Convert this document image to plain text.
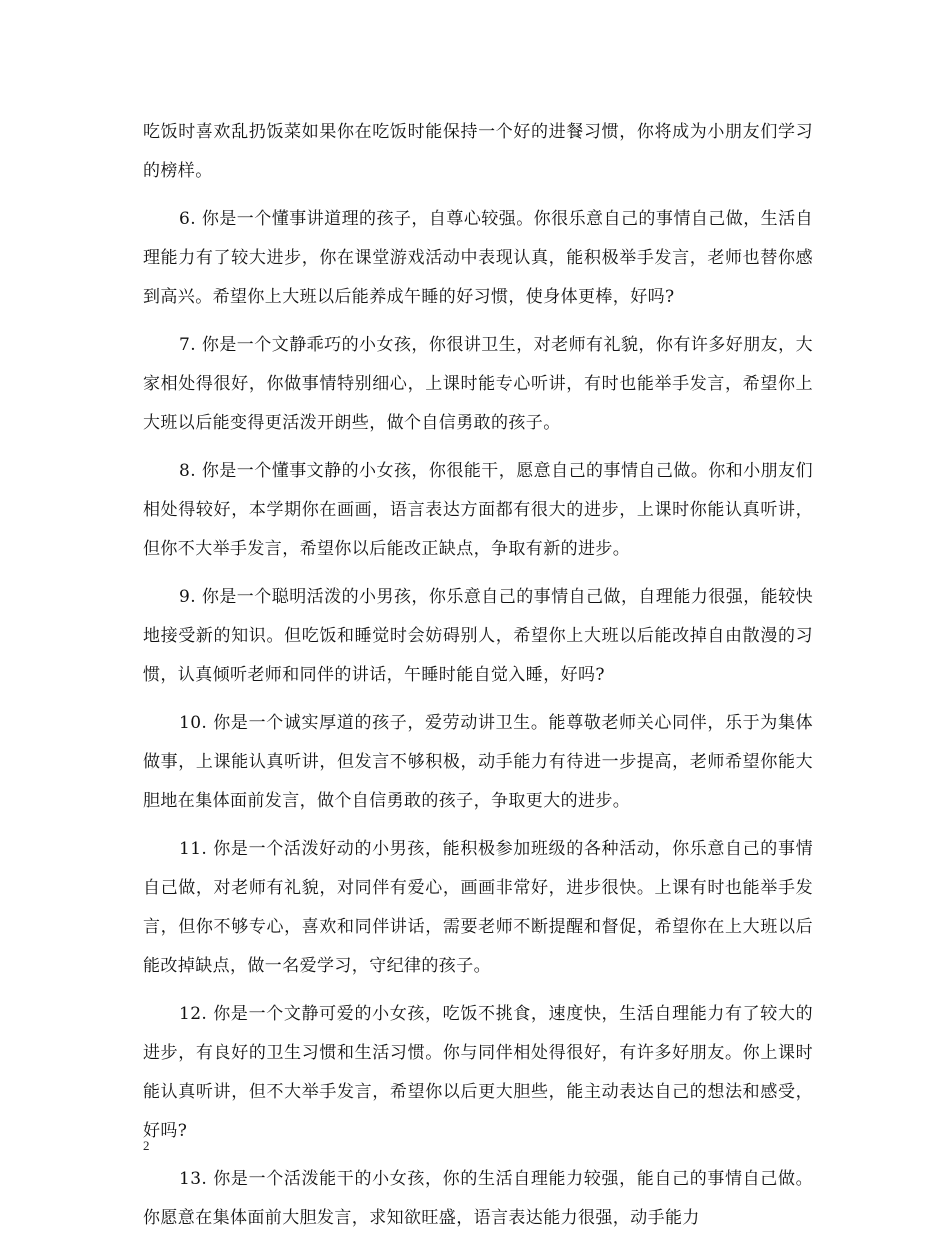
吃饭时喜欢乱扔饭菜如果你在吃饭时能保持一个好的进餐习惯，你将成为小朋友们学习的榜样。

6. 你是一个懂事讲道理的孩子，自尊心较强。你很乐意自己的事情自己做，生活自理能力有了较大进步，你在课堂游戏活动中表现认真，能积极举手发言，老师也替你感到高兴。希望你上大班以后能养成午睡的好习惯，使身体更棒，好吗?

7. 你是一个文静乖巧的小女孩，你很讲卫生，对老师有礼貌，你有许多好朋友，大家相处得很好，你做事情特别细心，上课时能专心听讲，有时也能举手发言，希望你上大班以后能变得更活泼开朗些，做个自信勇敢的孩子。

8. 你是一个懂事文静的小女孩，你很能干，愿意自己的事情自己做。你和小朋友们相处得较好，本学期你在画画，语言表达方面都有很大的进步，上课时你能认真听讲，但你不大举手发言，希望你以后能改正缺点，争取有新的进步。

9. 你是一个聪明活泼的小男孩，你乐意自己的事情自己做，自理能力很强，能较快地接受新的知识。但吃饭和睡觉时会妨碍别人，希望你上大班以后能改掉自由散漫的习惯，认真倾听老师和同伴的讲话，午睡时能自觉入睡，好吗?

10. 你是一个诚实厚道的孩子，爱劳动讲卫生。能尊敬老师关心同伴，乐于为集体做事，上课能认真听讲，但发言不够积极，动手能力有待进一步提高，老师希望你能大胆地在集体面前发言，做个自信勇敢的孩子，争取更大的进步。

11. 你是一个活泼好动的小男孩，能积极参加班级的各种活动，你乐意自己的事情自己做，对老师有礼貌，对同伴有爱心，画画非常好，进步很快。上课有时也能举手发言，但你不够专心，喜欢和同伴讲话，需要老师不断提醒和督促，希望你在上大班以后能改掉缺点，做一名爱学习，守纪律的孩子。

12. 你是一个文静可爱的小女孩，吃饭不挑食，速度快，生活自理能力有了较大的进步，有良好的卫生习惯和生活习惯。你与同伴相处得很好，有许多好朋友。你上课时能认真听讲，但不大举手发言，希望你以后更大胆些，能主动表达自己的想法和感受，好吗?

13. 你是一个活泼能干的小女孩，你的生活自理能力较强，能自己的事情自己做。你愿意在集体面前大胆发言，求知欲旺盛，语言表达能力很强，动手能力

2
